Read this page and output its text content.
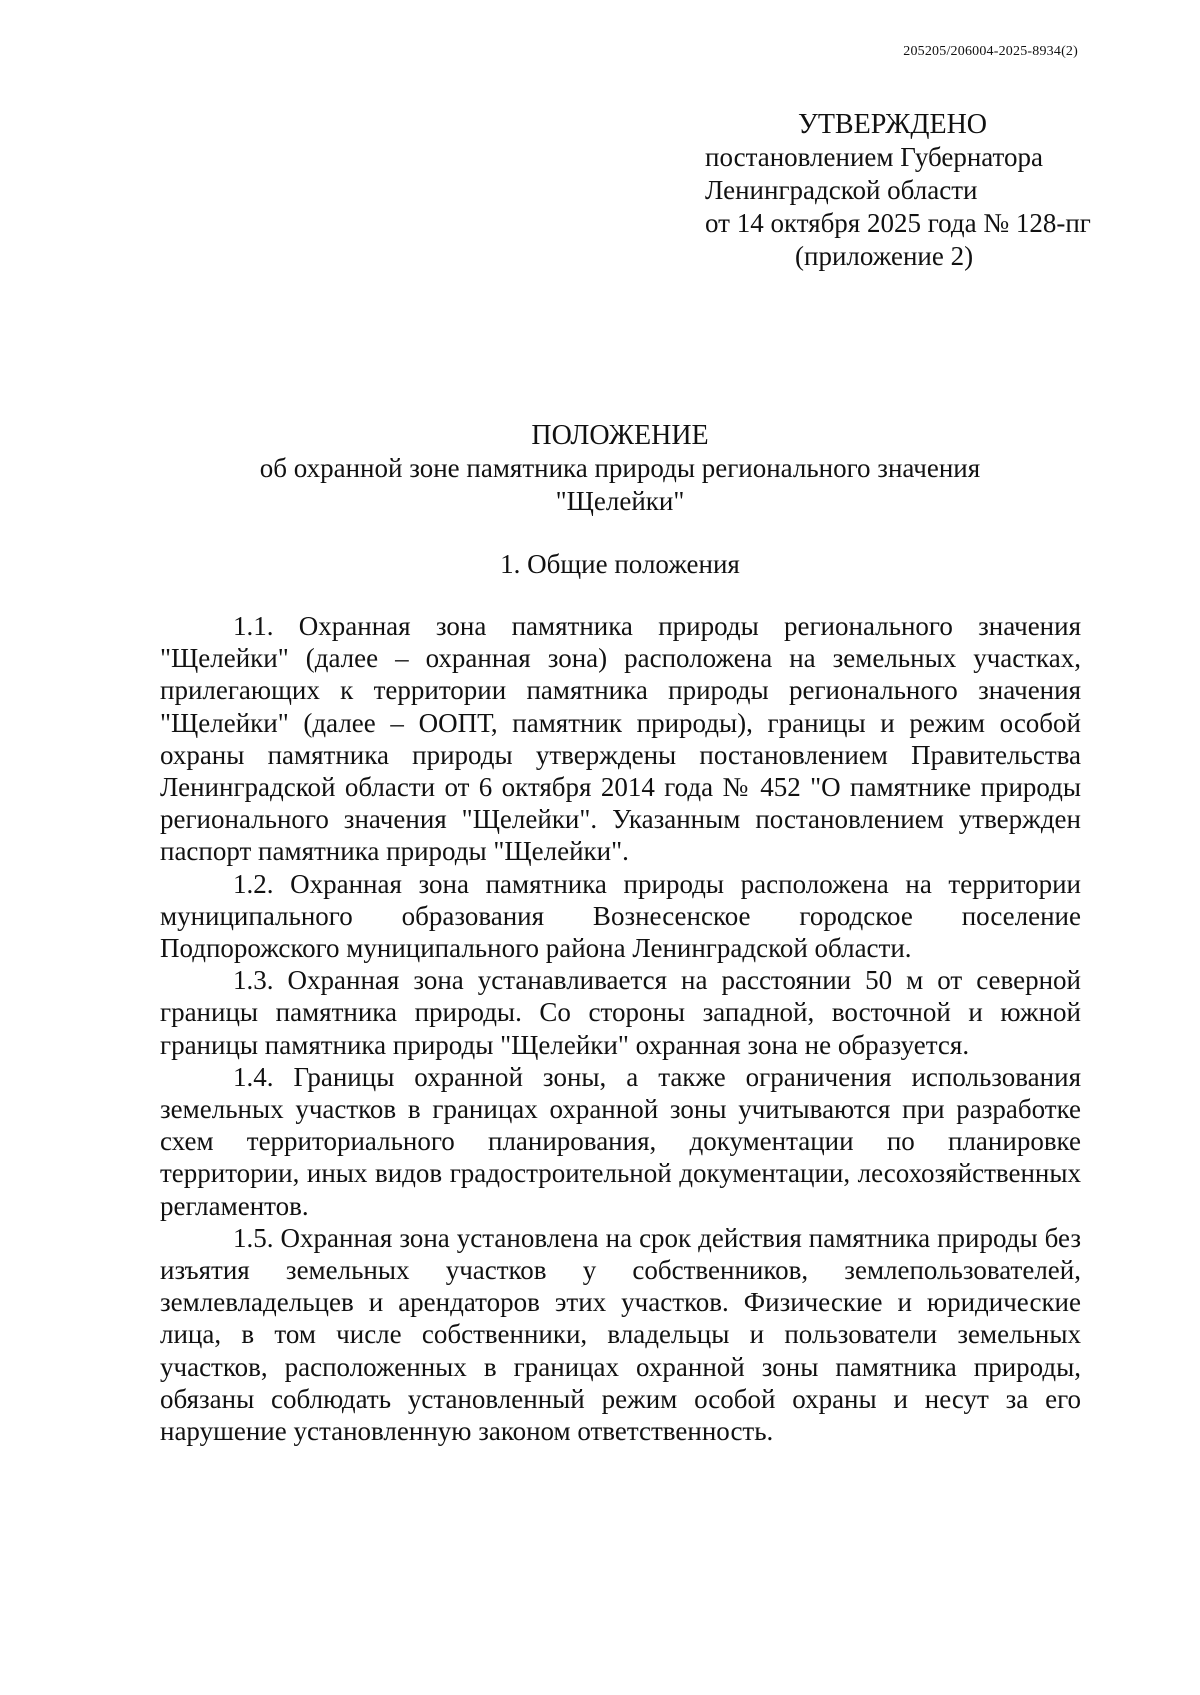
205205/206004-2025-8934(2)
УТВЕРЖДЕНО
постановлением Губернатора
Ленинградской области
от 14 октября 2025 года № 128-пг
(приложение 2)
ПОЛОЖЕНИЕ
об охранной зоне памятника природы регионального значения
"Щелейки"
1. Общие положения

1.1. Охранная зона памятника природы регионального значения "Щелейки" (далее – охранная зона) расположена на земельных участках, прилегающих к территории памятника природы регионального значения "Щелейки" (далее – ООПТ, памятник природы), границы и режим особой охраны памятника природы утверждены постановлением Правительства Ленинградской области от 6 октября 2014 года № 452 "О памятнике природы регионального значения "Щелейки". Указанным постановлением утвержден паспорт памятника природы "Щелейки".

1.2. Охранная зона памятника природы расположена на территории муниципального образования Вознесенское городское поселение Подпорожского муниципального района Ленинградской области.

1.3. Охранная зона устанавливается на расстоянии 50 м от северной границы памятника природы. Со стороны западной, восточной и южной границы памятника природы "Щелейки" охранная зона не образуется.

1.4. Границы охранной зоны, а также ограничения использования земельных участков в границах охранной зоны учитываются при разработке схем территориального планирования, документации по планировке территории, иных видов градостроительной документации, лесохозяйственных регламентов.

1.5. Охранная зона установлена на срок действия памятника природы без изъятия земельных участков у собственников, землепользователей, землевладельцев и арендаторов этих участков. Физические и юридические лица, в том числе собственники, владельцы и пользователи земельных участков, расположенных в границах охранной зоны памятника природы, обязаны соблюдать установленный режим особой охраны и несут за его нарушение установленную законом ответственность.
